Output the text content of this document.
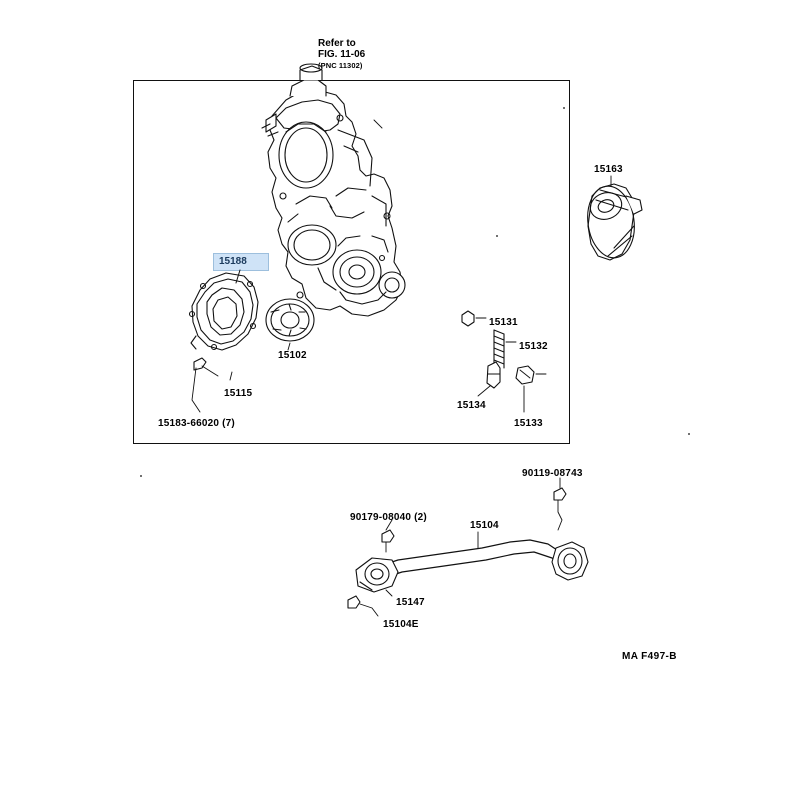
Refer to
FIG. 11-06
(PNC 11302)
15188
15163
15131
15132
15102
15115
15134
15133
15183-66020 (7)
90119-08743
90179-08040 (2)
15104
15147
15104E
MA F497-B
